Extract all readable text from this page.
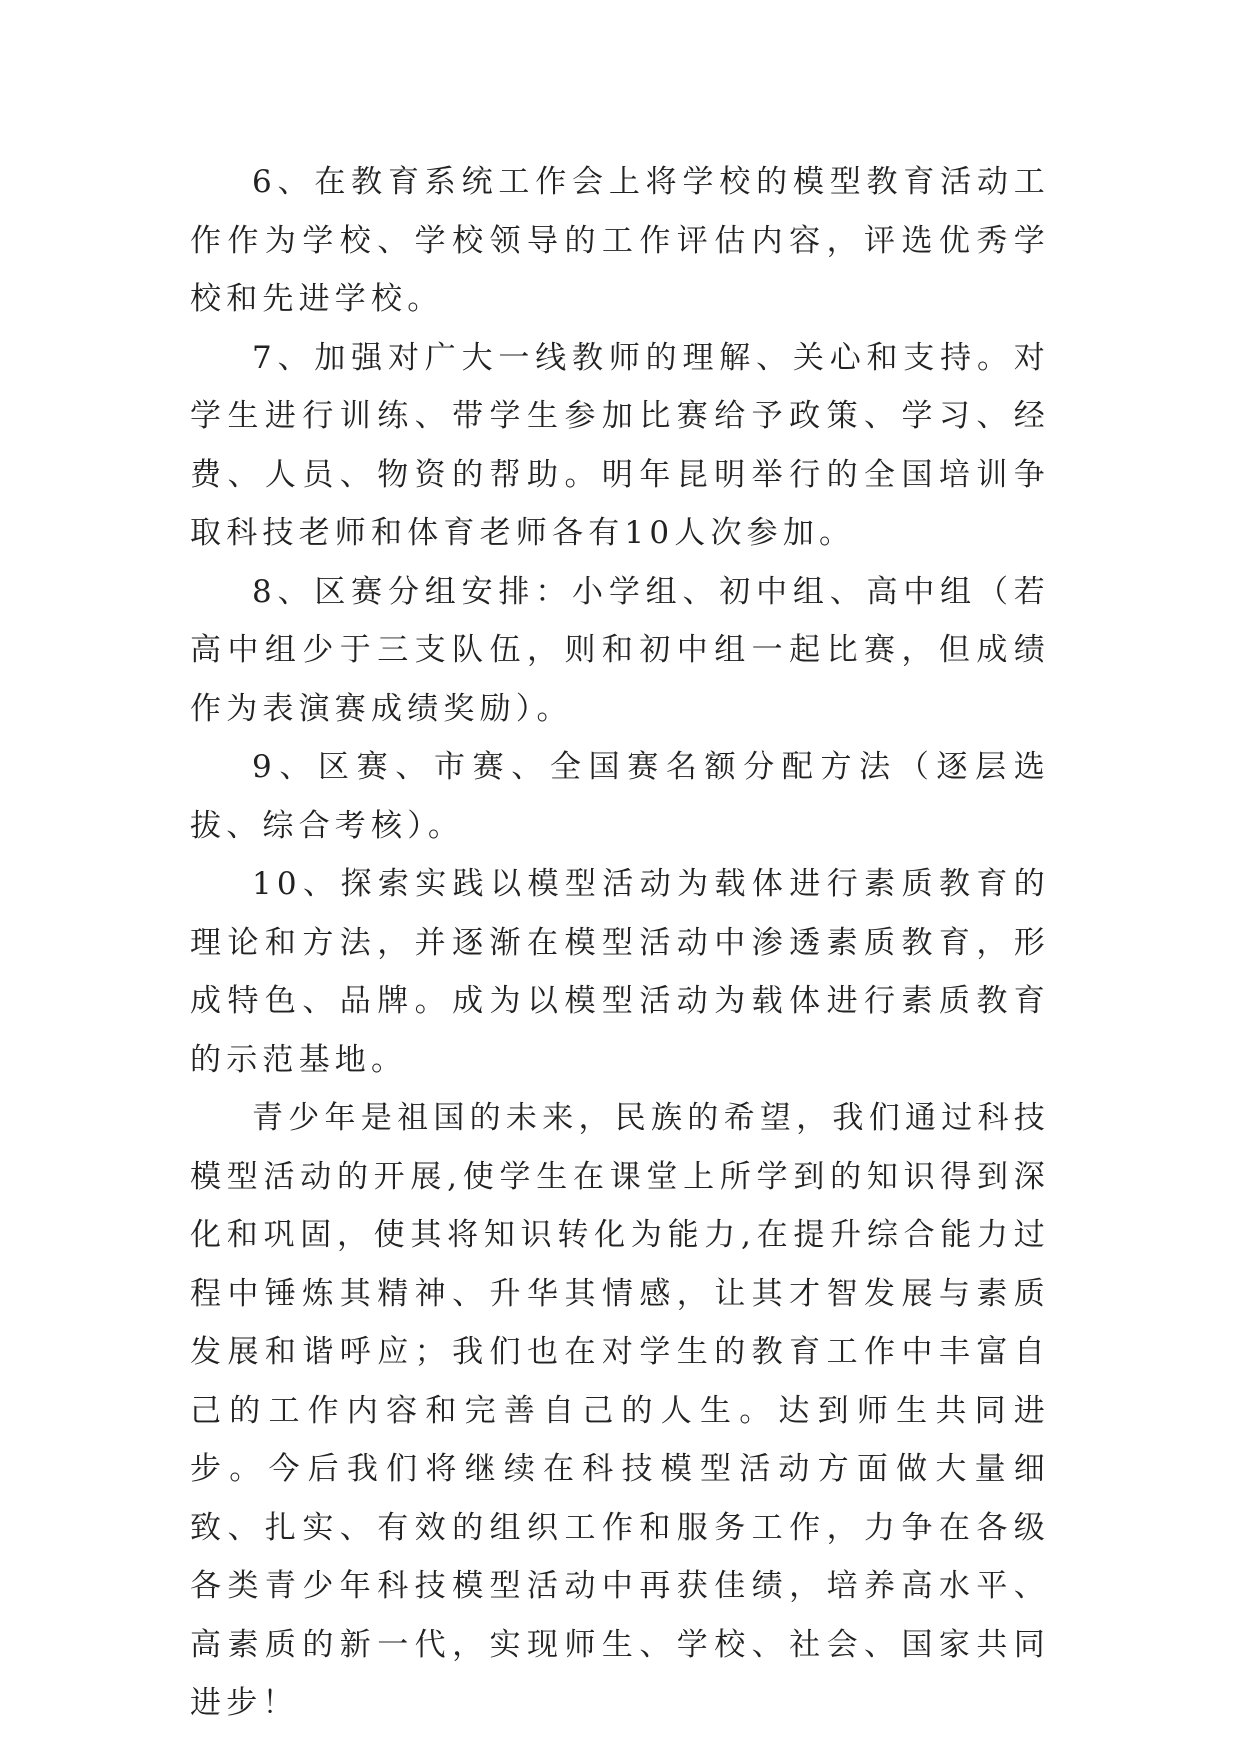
6、在教育系统工作会上将学校的模型教育活动工作作为学校、学校领导的工作评估内容，评选优秀学校和先进学校。

7、加强对广大一线教师的理解、关心和支持。对学生进行训练、带学生参加比赛给予政策、学习、经费、人员、物资的帮助。明年昆明举行的全国培训争取科技老师和体育老师各有10人次参加。

8、区赛分组安排：小学组、初中组、高中组（若高中组少于三支队伍，则和初中组一起比赛，但成绩作为表演赛成绩奖励）。

9、区赛、市赛、全国赛名额分配方法（逐层选拔、综合考核）。

10、探索实践以模型活动为载体进行素质教育的理论和方法，并逐渐在模型活动中渗透素质教育，形成特色、品牌。成为以模型活动为载体进行素质教育的示范基地。

青少年是祖国的未来，民族的希望，我们通过科技模型活动的开展,使学生在课堂上所学到的知识得到深化和巩固，使其将知识转化为能力,在提升综合能力过程中锤炼其精神、升华其情感，让其才智发展与素质发展和谐呼应；我们也在对学生的教育工作中丰富自己的工作内容和完善自己的人生。达到师生共同进步。今后我们将继续在科技模型活动方面做大量细致、扎实、有效的组织工作和服务工作，力争在各级各类青少年科技模型活动中再获佳绩，培养高水平、高素质的新一代，实现师生、学校、社会、国家共同进步！
